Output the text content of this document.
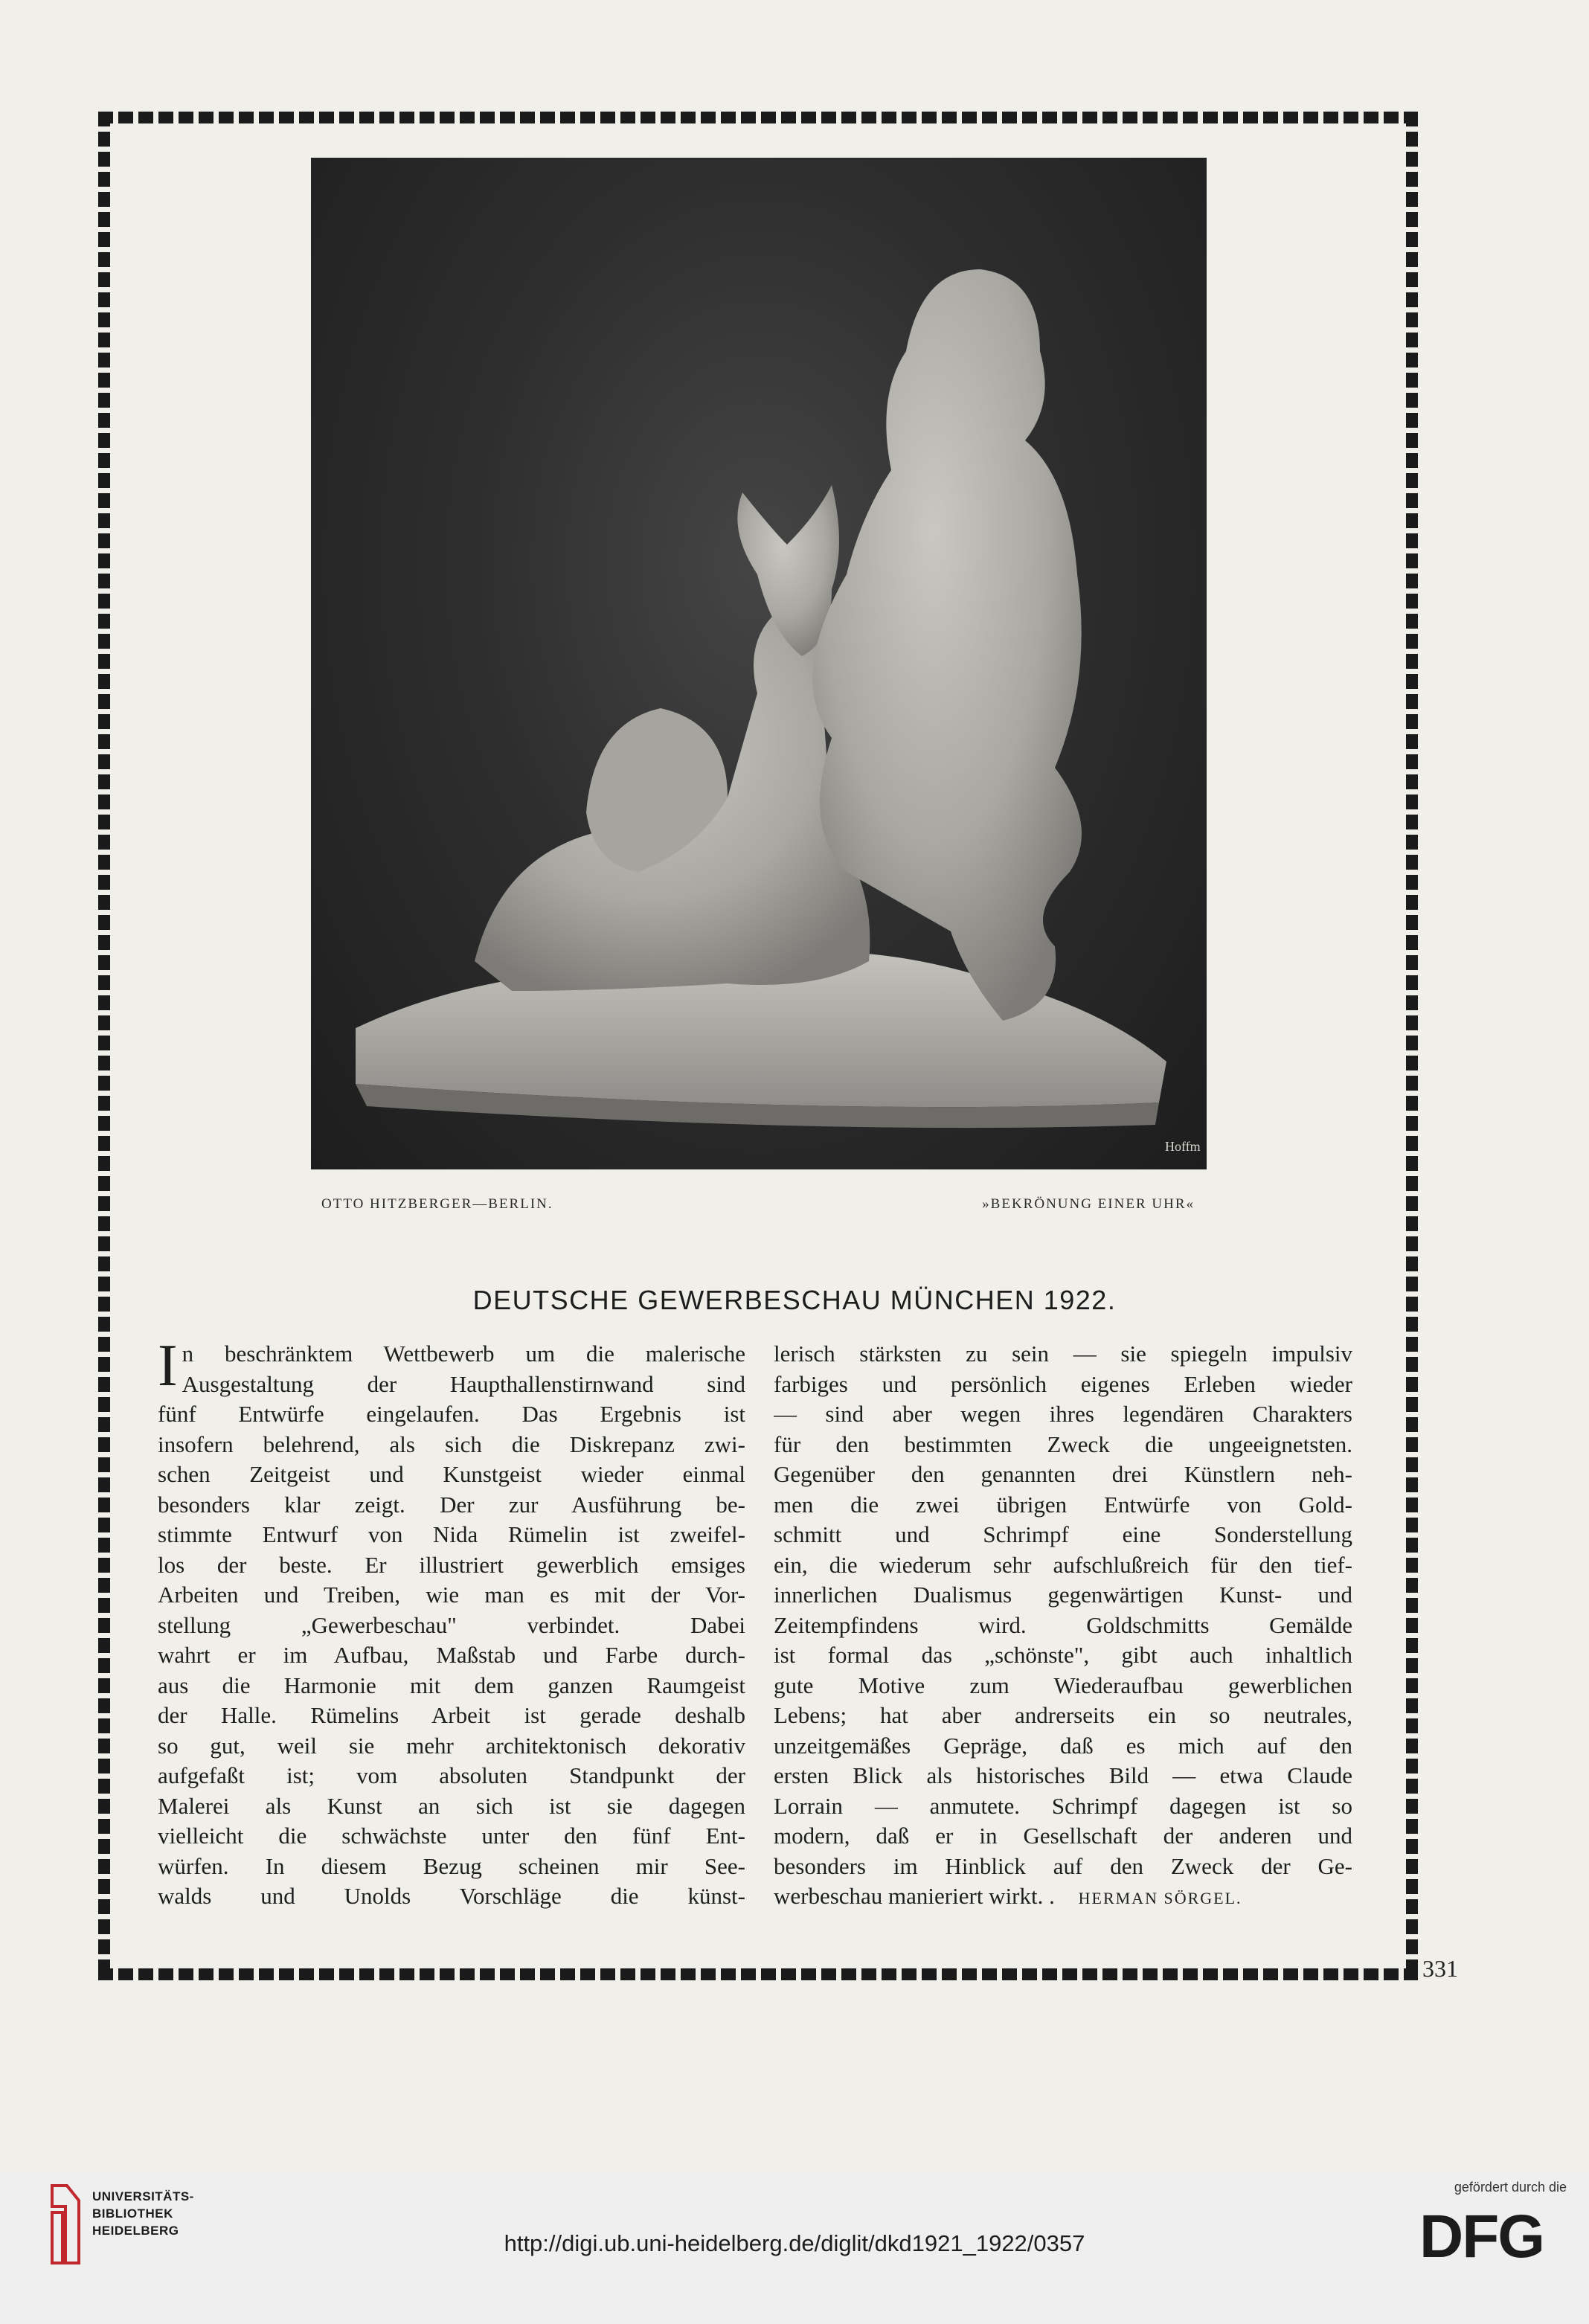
Hoffm
OTTO HITZBERGER—BERLIN.	»BEKRÖNUNG EINER UHR«
DEUTSCHE GEWERBESCHAU MÜNCHEN 1922.
I n beschränktem Wettbewerb um die malerische
Ausgestaltung der Haupthallenstirnwand sind
fünf Entwürfe eingelaufen. Das Ergebnis ist
insofern belehrend, als sich die Diskrepanz zwi-
schen Zeitgeist und Kunstgeist wieder einmal
besonders klar zeigt. Der zur Ausführung be-
stimmte Entwurf von Nida Rümelin ist zweifel-
los der beste. Er illustriert gewerblich emsiges
Arbeiten und Treiben, wie man es mit der Vor-
stellung „Gewerbeschau" verbindet. Dabei
wahrt er im Aufbau, Maßstab und Farbe durch-
aus die Harmonie mit dem ganzen Raumgeist
der Halle. Rümelins Arbeit ist gerade deshalb
so gut, weil sie mehr architektonisch dekorativ
aufgefaßt ist; vom absoluten Standpunkt der
Malerei als Kunst an sich ist sie dagegen
vielleicht die schwächste unter den fünf Ent-
würfen. In diesem Bezug scheinen mir See-
walds und Unolds Vorschläge die künst-
lerisch stärksten zu sein — sie spiegeln impulsiv
farbiges und persönlich eigenes Erleben wieder
— sind aber wegen ihres legendären Charakters
für den bestimmten Zweck die ungeeignetsten.
Gegenüber den genannten drei Künstlern neh-
men die zwei übrigen Entwürfe von Gold-
schmitt und Schrimpf eine Sonderstellung
ein, die wiederum sehr aufschlußreich für den tief-
innerlichen Dualismus gegenwärtigen Kunst- und
Zeitempfindens wird. Goldschmitts Gemälde
ist formal das „schönste", gibt auch inhaltlich
gute Motive zum Wiederaufbau gewerblichen
Lebens; hat aber andrerseits ein so neutrales,
unzeitgemäßes Gepräge, daß es mich auf den
ersten Blick als historisches Bild — etwa Claude
Lorrain — anmutete. Schrimpf dagegen ist so
modern, daß er in Gesellschaft der anderen und
besonders im Hinblick auf den Zweck der Ge-
werbeschau manieriert wirkt. . HERMAN SÖRGEL.
331
UNIVERSITÄTS-
BIBLIOTHEK
HEIDELBERG	http://digi.ub.uni-heidelberg.de/diglit/dkd1921_1922/0357
gefördert durch die
DFG
